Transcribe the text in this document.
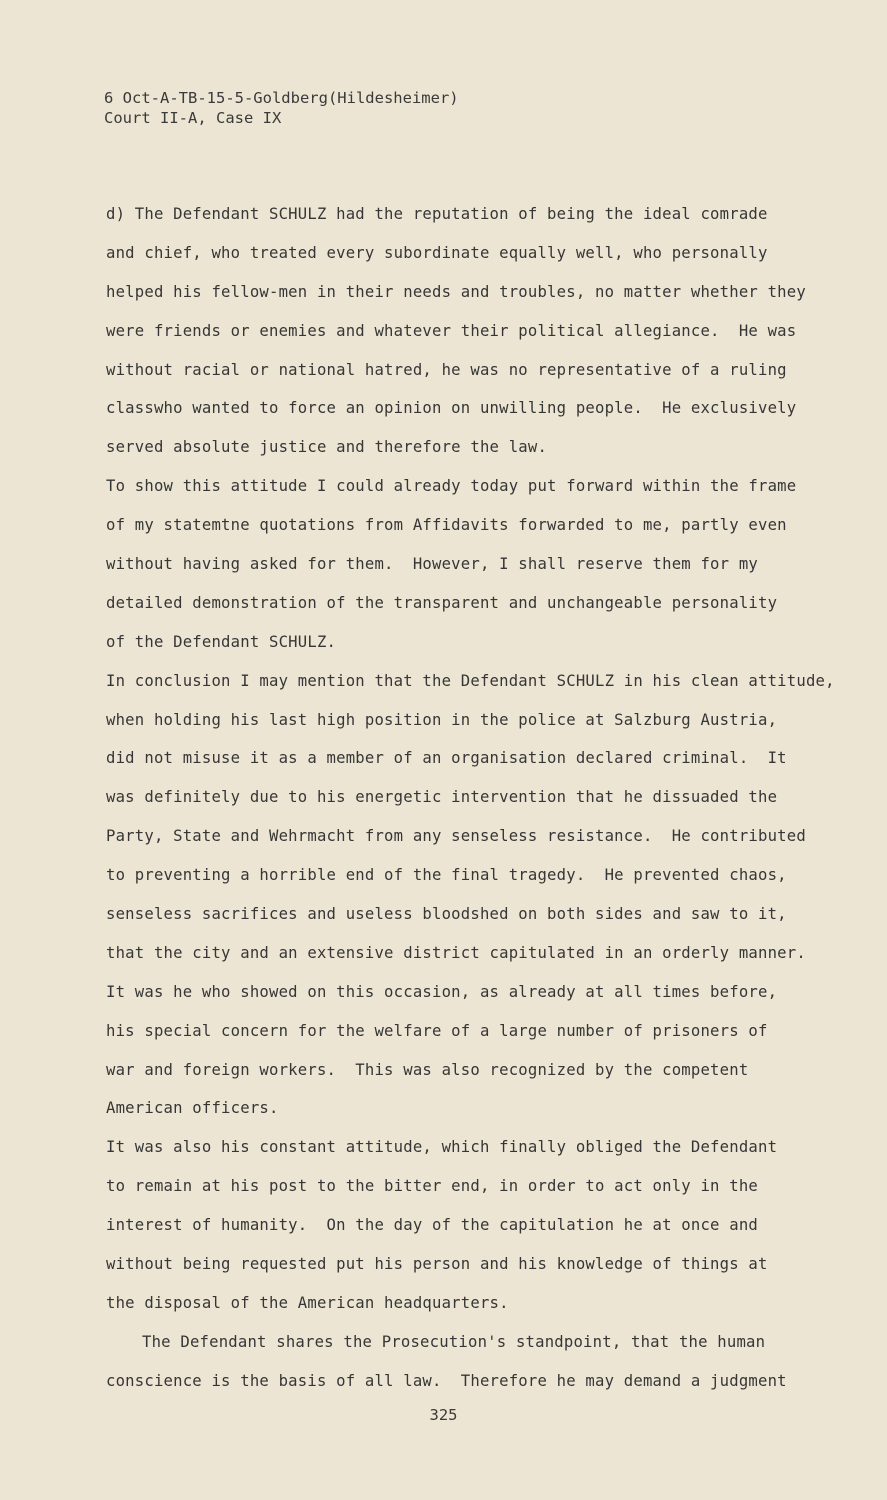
6 Oct-A-TB-15-5-Goldberg(Hildesheimer)
Court II-A, Case IX
d) The Defendant SCHULZ had the reputation of being the ideal comrade
and chief, who treated every subordinate equally well, who personally
helped his fellow-men in their needs and troubles, no matter whether they
were friends or enemies and whatever their political allegiance.  He was
without racial or national hatred, he was no representative of a ruling
classwho wanted to force an opinion on unwilling people.  He exclusively
served absolute justice and therefore the law.
To show this attitude I could already today put forward within the frame
of my statemtne quotations from Affidavits forwarded to me, partly even
without having asked for them.  However, I shall reserve them for my
detailed demonstration of the transparent and unchangeable personality
of the Defendant SCHULZ.
In conclusion I may mention that the Defendant SCHULZ in his clean attitude,
when holding his last high position in the police at Salzburg Austria,
did not misuse it as a member of an organisation declared criminal.  It
was definitely due to his energetic intervention that he dissuaded the
Party, State and Wehrmacht from any senseless resistance.  He contributed
to preventing a horrible end of the final tragedy.  He prevented chaos,
senseless sacrifices and useless bloodshed on both sides and saw to it,
that the city and an extensive district capitulated in an orderly manner.
It was he who showed on this occasion, as already at all times before,
his special concern for the welfare of a large number of prisoners of
war and foreign workers.  This was also recognized by the competent
American officers.
It was also his constant attitude, which finally obliged the Defendant
to remain at his post to the bitter end, in order to act only in the
interest of humanity.  On the day of the capitulation he at once and
without being requested put his person and his knowledge of things at
the disposal of the American headquarters.
The Defendant shares the Prosecution's standpoint, that the human
conscience is the basis of all law.  Therefore he may demand a judgment
325
